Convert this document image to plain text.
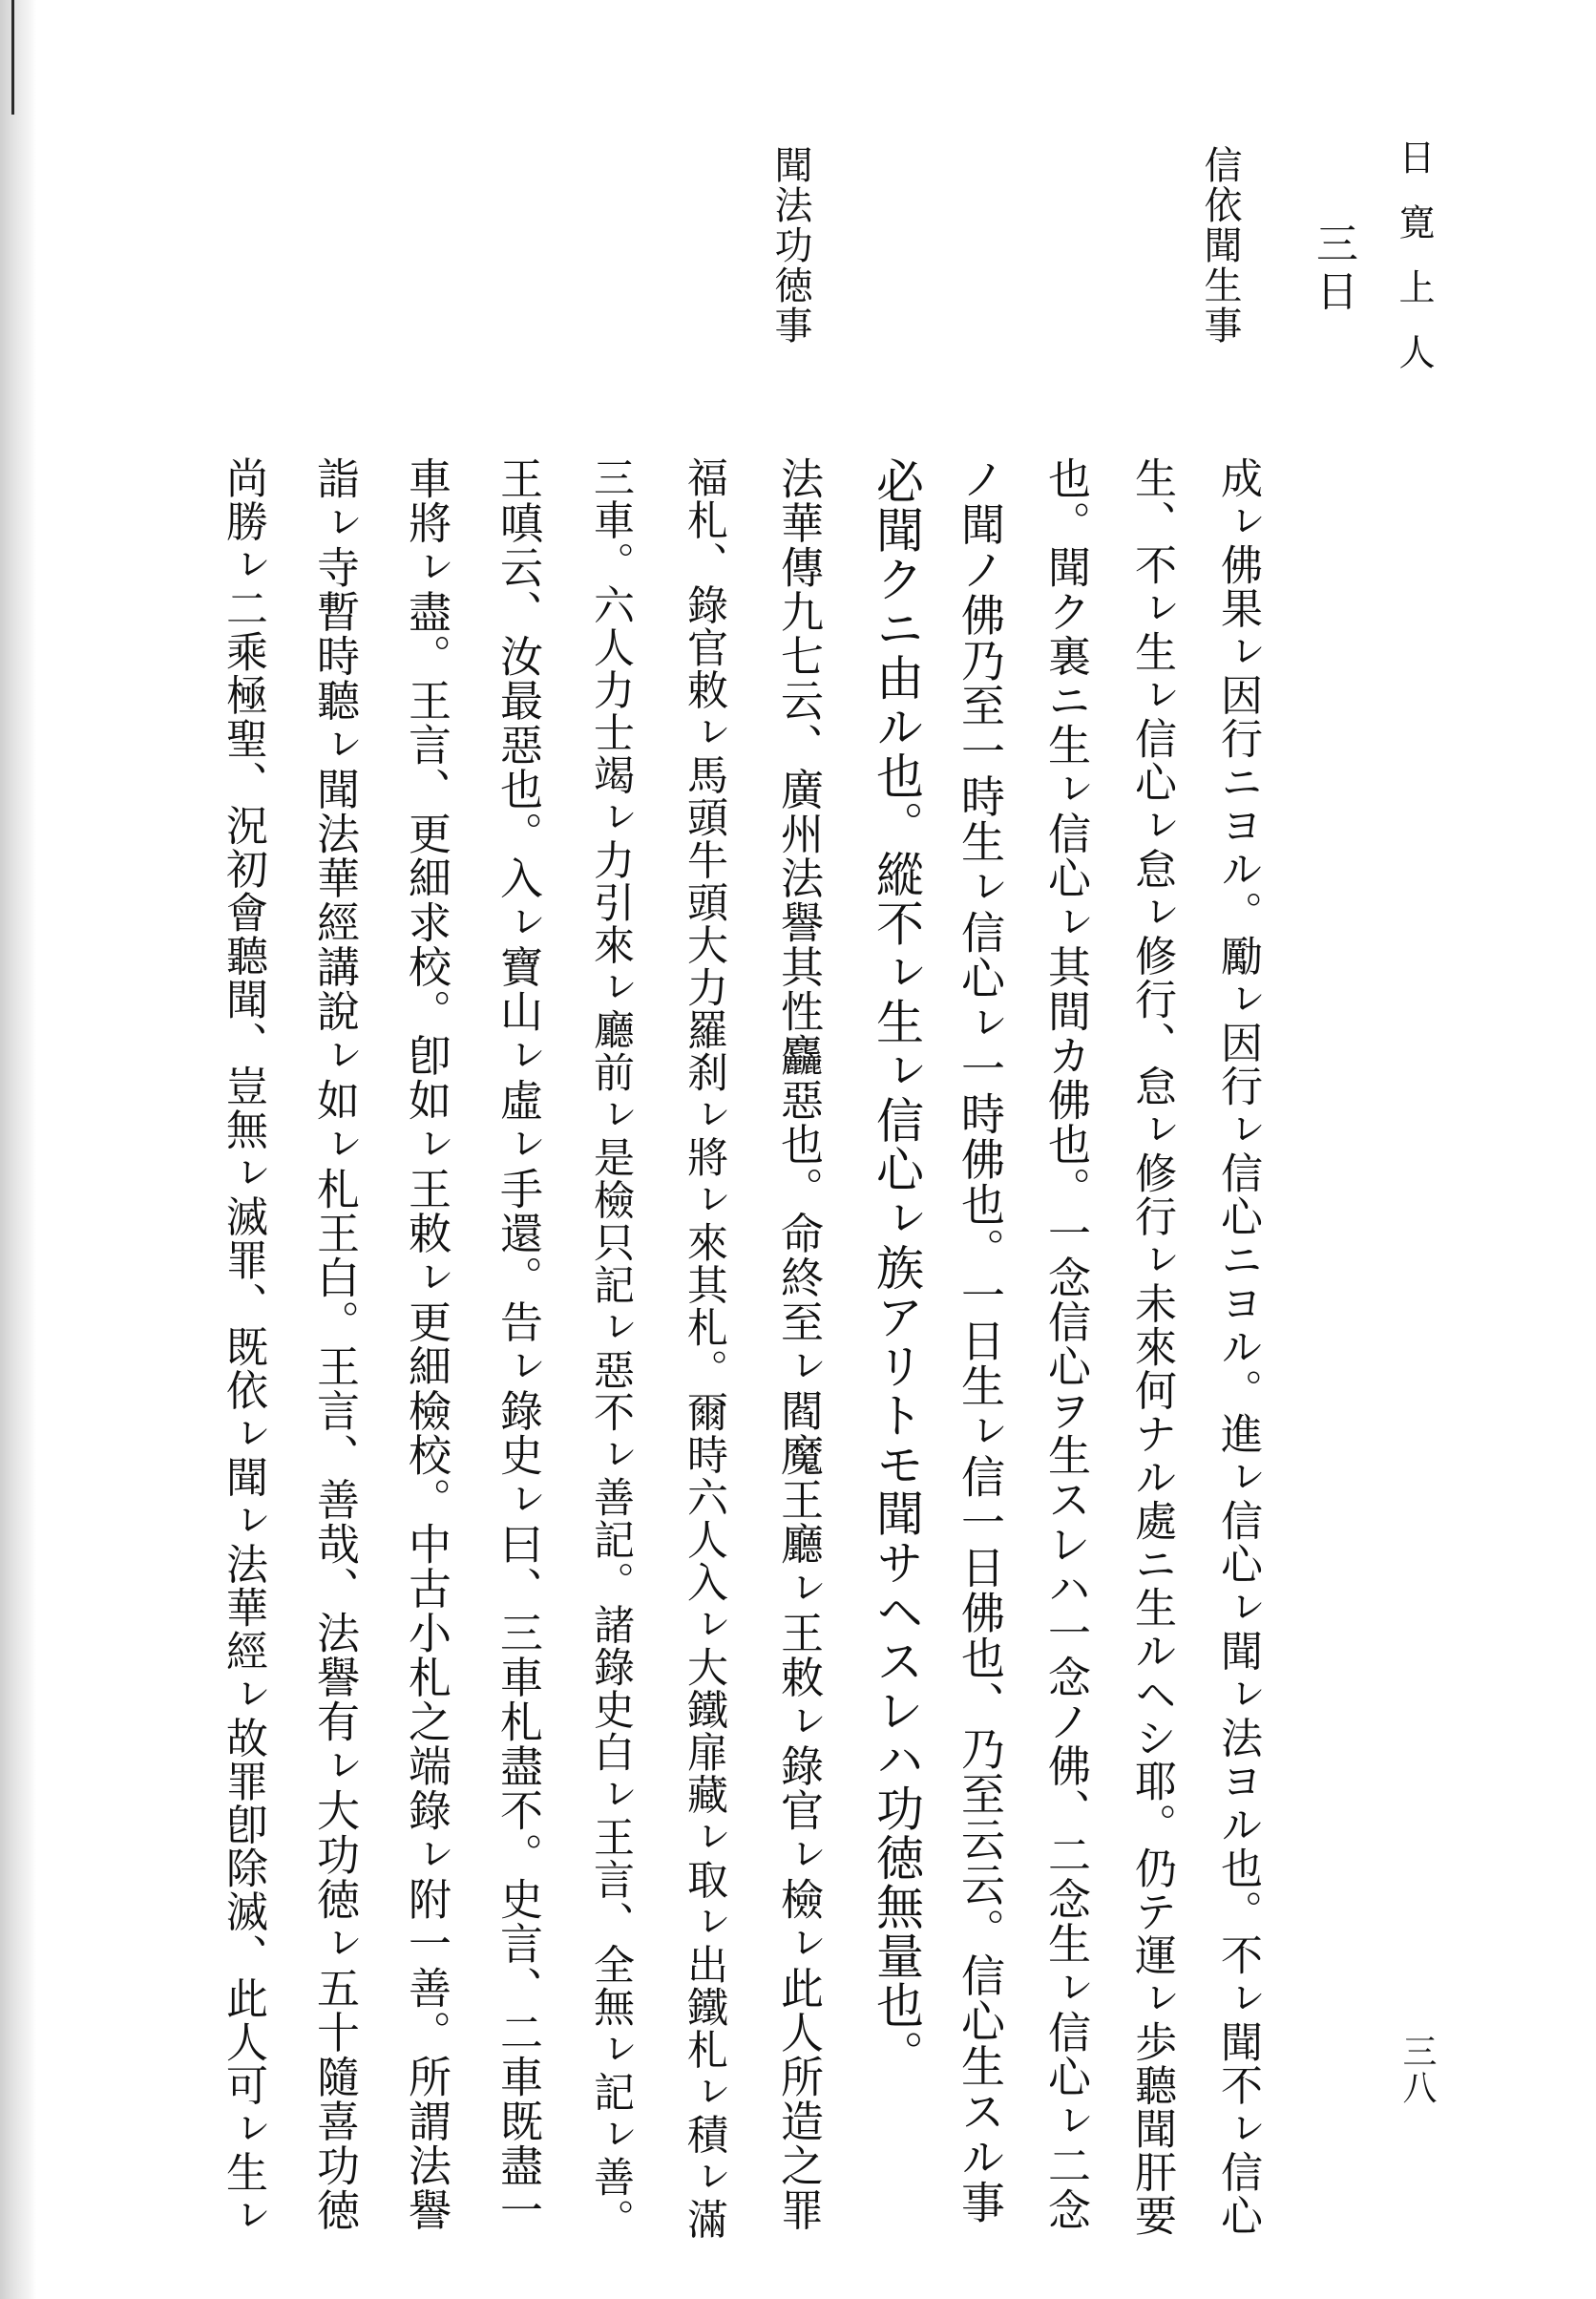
日寛上人

三八

三日

信依聞生事

聞法功徳事

成ㇾ佛果ㇾ因行ニヨル。勵ㇾ因行ㇾ信心ニヨル。進ㇾ信心ㇾ聞ㇾ法ヨル也。不ㇾ聞不ㇾ信心

生、不ㇾ生ㇾ信心ㇾ怠ㇾ修行、怠ㇾ修行ㇾ未來何ナル處ニ生ルヘシ耶。仍テ運ㇾ歩聽聞肝要

也。聞ク裏ニ生ㇾ信心ㇾ其間カ佛也。一念信心ヲ生スレハ一念ノ佛、二念生ㇾ信心ㇾ二念

ノ聞ノ佛乃至一時生ㇾ信心ㇾ一時佛也。一日生ㇾ信一日佛也、乃至云云。信心生スル事

必聞クニ由ル也。縱不ㇾ生ㇾ信心ㇾ族アリトモ聞サヘスレハ功徳無量也。

法華傳九七云、廣州法譽其性麤惡也。命終至ㇾ閻魔王廳ㇾ王敕ㇾ錄官ㇾ檢ㇾ此人所造之罪

福札、錄官敕ㇾ馬頭牛頭大力羅刹ㇾ將ㇾ來其札。爾時六人入ㇾ大鐵扉藏ㇾ取ㇾ出鐵札ㇾ積ㇾ滿

三車。六人力士竭ㇾ力引來ㇾ廳前ㇾ是檢只記ㇾ惡不ㇾ善記。諸錄史白ㇾ王言、全無ㇾ記ㇾ善。

王嗔云、汝最惡也。入ㇾ寶山ㇾ虛ㇾ手還。告ㇾ錄史ㇾ曰、三車札盡不。史言、二車既盡一

車將ㇾ盡。王言、更細求校。卽如ㇾ王敕ㇾ更細檢校。中古小札之端錄ㇾ附一善。所謂法譽

詣ㇾ寺暫時聽ㇾ聞法華經講說ㇾ如ㇾ札王白。王言、善哉、法譽有ㇾ大功徳ㇾ五十隨喜功徳

尚勝ㇾ二乘極聖、況初會聽聞、豈無ㇾ滅罪、既依ㇾ聞ㇾ法華經ㇾ故罪卽除滅、此人可ㇾ生ㇾ
